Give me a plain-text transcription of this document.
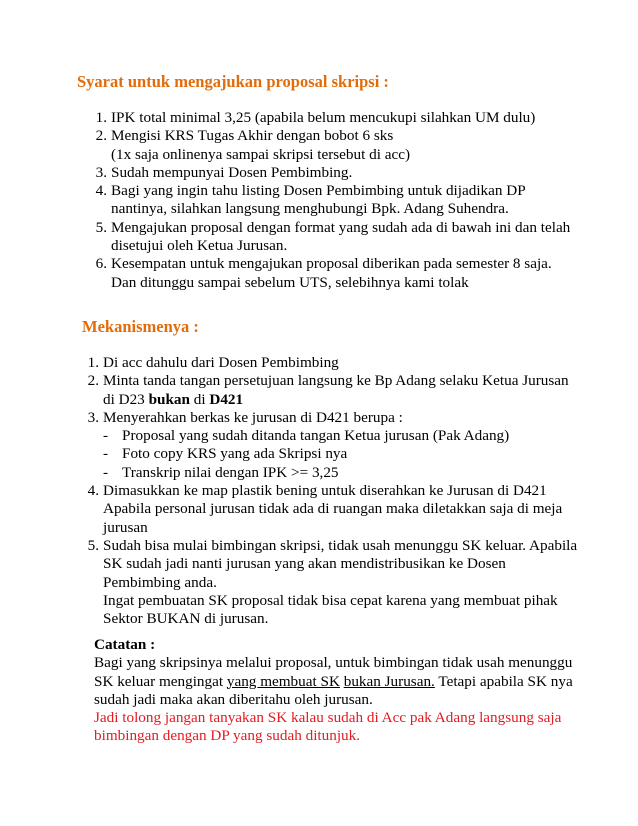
Syarat untuk mengajukan proposal skripsi :
1. IPK total minimal 3,25 (apabila belum mencukupi silahkan UM dulu)
2. Mengisi KRS Tugas Akhir dengan bobot 6 sks
(1x saja onlinenya sampai skripsi tersebut di acc)
3. Sudah mempunyai Dosen Pembimbing.
4. Bagi yang ingin tahu listing Dosen Pembimbing untuk dijadikan DP
nantinya, silahkan langsung menghubungi Bpk. Adang Suhendra.
5. Mengajukan proposal dengan format yang sudah ada di bawah ini dan telah
disetujui oleh Ketua Jurusan.
6. Kesempatan untuk mengajukan proposal diberikan pada semester 8 saja.
Dan ditunggu sampai sebelum UTS, selebihnya kami tolak
Mekanismenya :
1. Di acc dahulu dari Dosen Pembimbing
2. Minta tanda tangan persetujuan langsung ke Bp Adang selaku Ketua Jurusan
di D23 bukan di D421
3. Menyerahkan berkas ke jurusan di D421 berupa :
- Proposal yang sudah ditanda tangan Ketua jurusan (Pak Adang)
- Foto copy KRS yang ada Skripsi nya
- Transkrip nilai dengan IPK >= 3,25
4. Dimasukkan ke map plastik bening untuk diserahkan ke Jurusan di D421
Apabila personal jurusan tidak ada di ruangan maka diletakkan saja di meja
jurusan
5. Sudah bisa mulai bimbingan skripsi, tidak usah menunggu SK keluar. Apabila
SK sudah jadi nanti jurusan yang akan mendistribusikan ke Dosen
Pembimbing anda.
Ingat pembuatan SK proposal tidak bisa cepat karena yang membuat pihak
Sektor BUKAN di jurusan.
Catatan :
Bagi yang skripsinya melalui proposal, untuk bimbingan tidak usah menunggu
SK keluar mengingat yang membuat SK bukan Jurusan. Tetapi apabila SK nya
sudah jadi maka akan diberitahu oleh jurusan.
Jadi tolong jangan tanyakan SK kalau sudah di Acc pak Adang langsung saja
bimbingan dengan DP yang sudah ditunjuk.
